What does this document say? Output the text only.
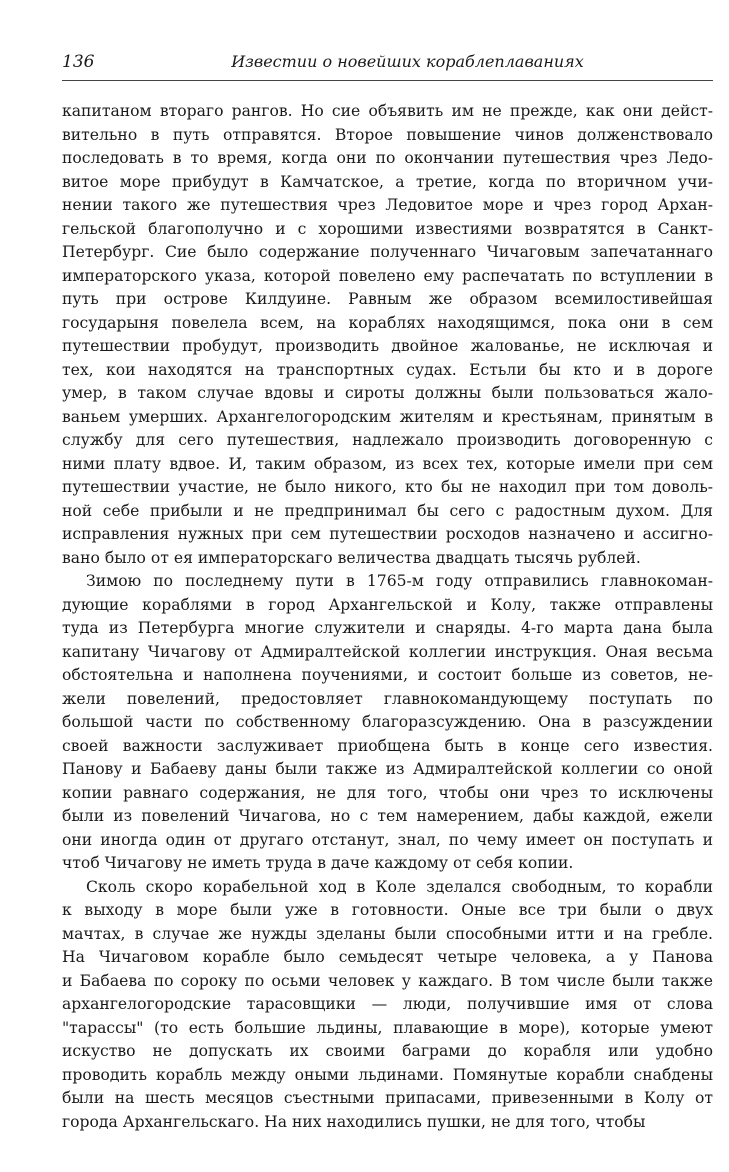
136	Известии о новейших кораблеплаваниях
капитаном втораго рангов. Но сие объявить им не прежде, как они дейст-
вительно в путь отправятся. Второе повышение чинов долженствовало
последовать в то время, когда они по окончании путешествия чрез Ледо-
витое море прибудут в Камчатское, а третие, когда по вторичном учи-
нении такого же путешествия чрез Ледовитое море и чрез город Архан-
гельской благополучно и с хорошими известиями возвратятся в Санкт-
Петербург. Сие было содержание полученнаго Чичаговым запечатаннаго
императорского указа, которой повелено ему распечатать по вступлении в
путь при острове Килдуине. Равным же образом всемилостивейшая
государыня повелела всем, на кораблях находящимся, пока они в сем
путешествии пробудут, производить двойное жалованье, не исключая и
тех, кои находятся на транспортных судах. Естьли бы кто и в дороге
умер, в таком случае вдовы и сироты должны были пользоваться жало-
ваньем умерших. Архангелогородским жителям и крестьянам, принятым в
службу для сего путешествия, надлежало производить договоренную с
ними плату вдвое. И, таким образом, из всех тех, которые имели при сем
путешествии участие, не было никого, кто бы не находил при том доволь-
ной себе прибыли и не предпринимал бы сего с радостным духом. Для
исправления нужных при сем путешествии росходов назначено и ассигно-
вано было от ея императорскаго величества двадцать тысячь рублей.
Зимою по последнему пути в 1765-м году отправились главнокоман-
дующие кораблями в город Архангельской и Колу, также отправлены
туда из Петербурга многие служители и снаряды. 4-го марта дана была
капитану Чичагову от Адмиралтейской коллегии инструкция. Оная весьма
обстоятельна и наполнена поучениями, и состоит больше из советов, не-
жели повелений, предостовляет главнокомандующему поступать по
большой части по собственному благоразсуждению. Она в разсуждении
своей важности заслуживает приобщена быть в конце сего известия.
Панову и Бабаеву даны были также из Адмиралтейской коллегии со оной
копии равнаго содержания, не для того, чтобы они чрез то исключены
были из повелений Чичагова, но с тем намерением, дабы каждой, ежели
они иногда один от другаго отстанут, знал, по чему имеет он поступать и
чтоб Чичагову не иметь труда в даче каждому от себя копии.
Сколь скоро корабельной ход в Коле зделался свободным, то корабли
к выходу в море были уже в готовности. Оные все три были о двух
мачтах, в случае же нужды зделаны были способными итти и на гребле.
На Чичаговом корабле было семьдесят четыре человека, а у Панова
и Бабаева по сороку по осьми человек у каждаго. В том числе были также
архангелогородские тарасовщики — люди, получившие имя от слова
"тарассы" (то есть большие льдины, плавающие в море), которые умеют
искуство не допускать их своими баграми до корабля или удобно
проводить корабль между оными льдинами. Помянутые корабли снабдены
были на шесть месяцов съестными припасами, привезенными в Колу от
города Архангельскаго. На них находились пушки, не для того, чтобы
